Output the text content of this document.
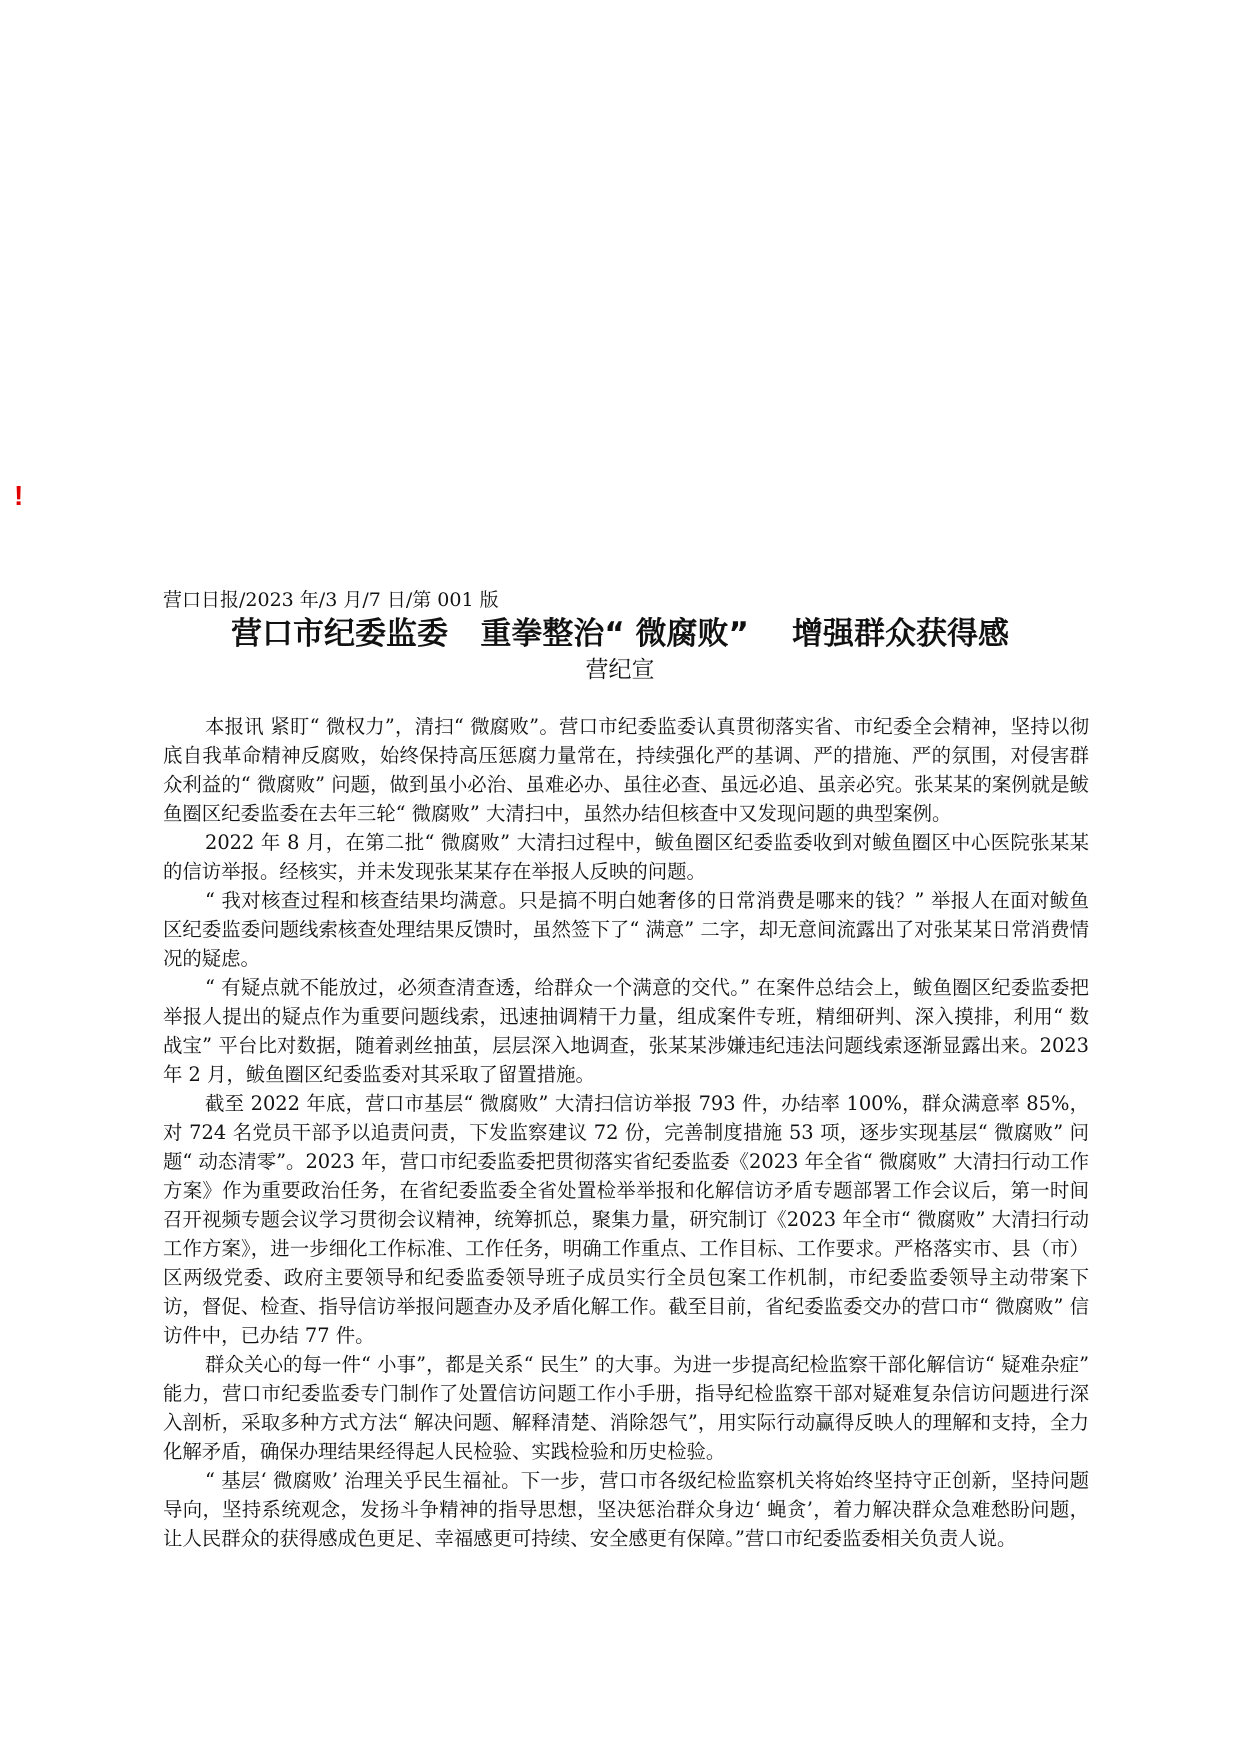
!
营口日报/2023 年/3 月/7 日/第 001 版
营口市纪委监委   重拳整治“ 微腐败”    增强群众获得感
营纪宣

本报讯 紧盯“ 微权力”，清扫“ 微腐败”。营口市纪委监委认真贯彻落实省、市纪委全会精神，坚持以彻底自我革命精神反腐败，始终保持高压惩腐力量常在，持续强化严的基调、严的措施、严的氛围，对侵害群众利益的“ 微腐败” 问题，做到虽小必治、虽难必办、虽往必查、虽远必追、虽亲必究。张某某的案例就是鲅鱼圈区纪委监委在去年三轮“ 微腐败” 大清扫中，虽然办结但核查中又发现问题的典型案例。

2022 年 8 月，在第二批“ 微腐败” 大清扫过程中，鲅鱼圈区纪委监委收到对鲅鱼圈区中心医院张某某的信访举报。经核实，并未发现张某某存在举报人反映的问题。

“ 我对核查过程和核查结果均满意。只是搞不明白她奢侈的日常消费是哪来的钱？” 举报人在面对鲅鱼区纪委监委问题线索核查处理结果反馈时，虽然签下了“ 满意” 二字，却无意间流露出了对张某某日常消费情况的疑虑。

“ 有疑点就不能放过，必须查清查透，给群众一个满意的交代。” 在案件总结会上，鲅鱼圈区纪委监委把举报人提出的疑点作为重要问题线索，迅速抽调精干力量，组成案件专班，精细研判、深入摸排，利用“ 数战宝” 平台比对数据，随着剥丝抽茧，层层深入地调查，张某某涉嫌违纪违法问题线索逐渐显露出来。2023 年 2 月，鲅鱼圈区纪委监委对其采取了留置措施。

截至 2022 年底，营口市基层“ 微腐败” 大清扫信访举报 793 件，办结率 100%，群众满意率 85%，对 724 名党员干部予以追责问责，下发监察建议 72 份，完善制度措施 53 项，逐步实现基层“ 微腐败” 问题“ 动态清零”。2023 年，营口市纪委监委把贯彻落实省纪委监委《2023 年全省“ 微腐败” 大清扫行动工作方案》作为重要政治任务，在省纪委监委全省处置检举举报和化解信访矛盾专题部署工作会议后，第一时间召开视频专题会议学习贯彻会议精神，统筹抓总，聚集力量，研究制订《2023 年全市“ 微腐败” 大清扫行动工作方案》，进一步细化工作标准、工作任务，明确工作重点、工作目标、工作要求。严格落实市、县（市）区两级党委、政府主要领导和纪委监委领导班子成员实行全员包案工作机制，市纪委监委领导主动带案下访，督促、检查、指导信访举报问题查办及矛盾化解工作。截至目前，省纪委监委交办的营口市“ 微腐败” 信访件中，已办结 77 件。

群众关心的每一件“ 小事”，都是关系“ 民生” 的大事。为进一步提高纪检监察干部化解信访“ 疑难杂症” 能力，营口市纪委监委专门制作了处置信访问题工作小手册，指导纪检监察干部对疑难复杂信访问题进行深入剖析，采取多种方式方法“ 解决问题、解释清楚、消除怨气”，用实际行动赢得反映人的理解和支持，全力化解矛盾，确保办理结果经得起人民检验、实践检验和历史检验。

“ 基层‘ 微腐败’ 治理关乎民生福祉。下一步，营口市各级纪检监察机关将始终坚持守正创新，坚持问题导向，坚持系统观念，发扬斗争精神的指导思想，坚决惩治群众身边‘ 蝇贪’，着力解决群众急难愁盼问题，让人民群众的获得感成色更足、幸福感更可持续、安全感更有保障。”营口市纪委监委相关负责人说。
